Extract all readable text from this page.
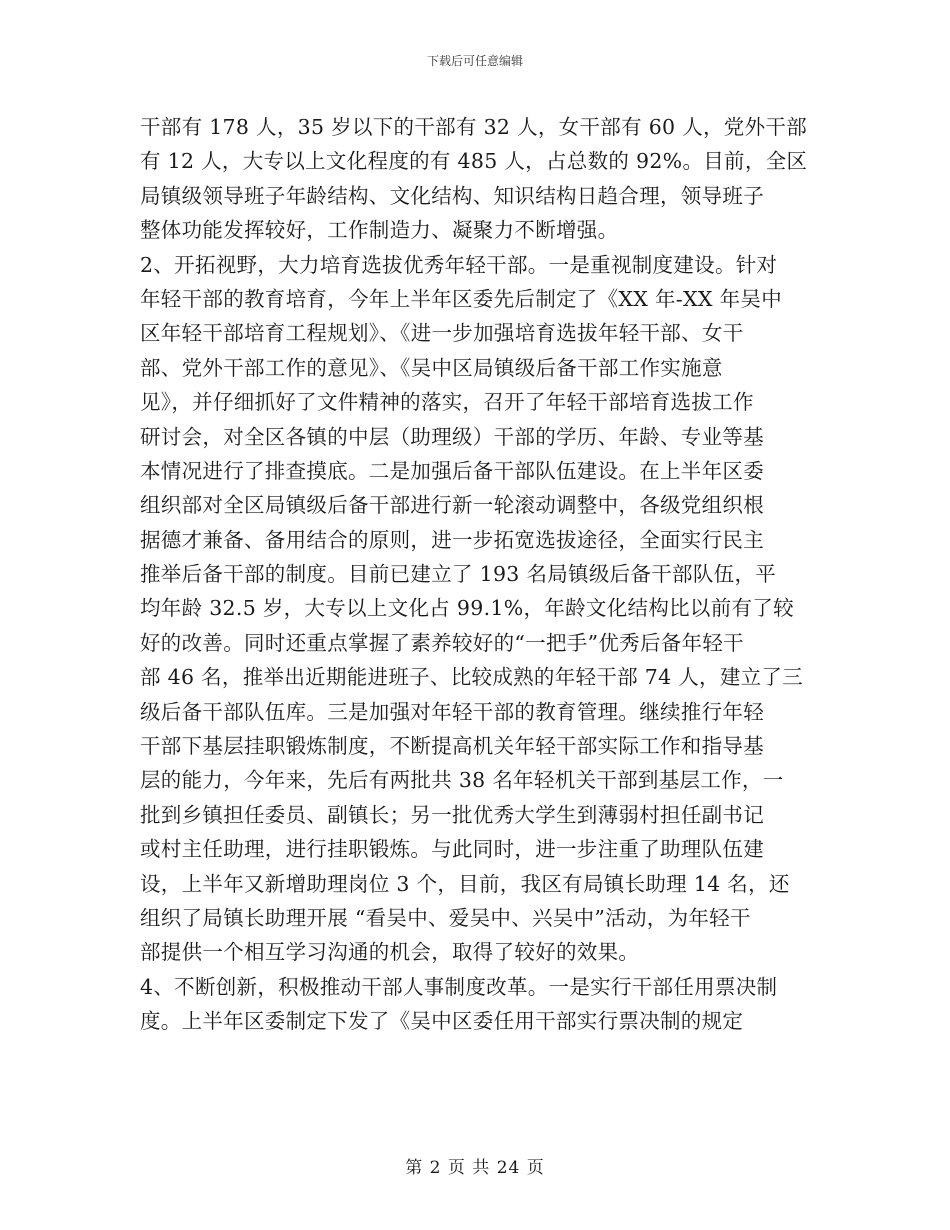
下载后可任意编辑
干部有 178 人，35 岁以下的干部有 32 人，女干部有 60 人，党外干部
有 12 人，大专以上文化程度的有 485 人，占总数的 92%。目前，全区
局镇级领导班子年龄结构、文化结构、知识结构日趋合理，领导班子
整体功能发挥较好，工作制造力、凝聚力不断增强。
2、开拓视野，大力培育选拔优秀年轻干部。一是重视制度建设。针对
年轻干部的教育培育，今年上半年区委先后制定了《XX 年-XX 年吴中
区年轻干部培育工程规划》、《进一步加强培育选拔年轻干部、女干
部、党外干部工作的意见》、《吴中区局镇级后备干部工作实施意
见》，并仔细抓好了文件精神的落实，召开了年轻干部培育选拔工作
研讨会，对全区各镇的中层（助理级）干部的学历、年龄、专业等基
本情况进行了排查摸底。二是加强后备干部队伍建设。在上半年区委
组织部对全区局镇级后备干部进行新一轮滚动调整中，各级党组织根
据德才兼备、备用结合的原则，进一步拓宽选拔途径，全面实行民主
推举后备干部的制度。目前已建立了 193 名局镇级后备干部队伍，平
均年龄 32.5 岁，大专以上文化占 99.1%，年龄文化结构比以前有了较
好的改善。同时还重点掌握了素养较好的“一把手”优秀后备年轻干
部 46 名，推举出近期能进班子、比较成熟的年轻干部 74 人，建立了三
级后备干部队伍库。三是加强对年轻干部的教育管理。继续推行年轻
干部下基层挂职锻炼制度，不断提高机关年轻干部实际工作和指导基
层的能力，今年来，先后有两批共 38 名年轻机关干部到基层工作，一
批到乡镇担任委员、副镇长；另一批优秀大学生到薄弱村担任副书记
或村主任助理，进行挂职锻炼。与此同时，进一步注重了助理队伍建
设，上半年又新增助理岗位 3 个，目前，我区有局镇长助理 14 名，还
组织了局镇长助理开展 “看吴中、爱吴中、兴吴中”活动，为年轻干
部提供一个相互学习沟通的机会，取得了较好的效果。
4、不断创新，积极推动干部人事制度改革。一是实行干部任用票决制
度。上半年区委制定下发了《吴中区委任用干部实行票决制的规定
第 2 页 共 24 页
